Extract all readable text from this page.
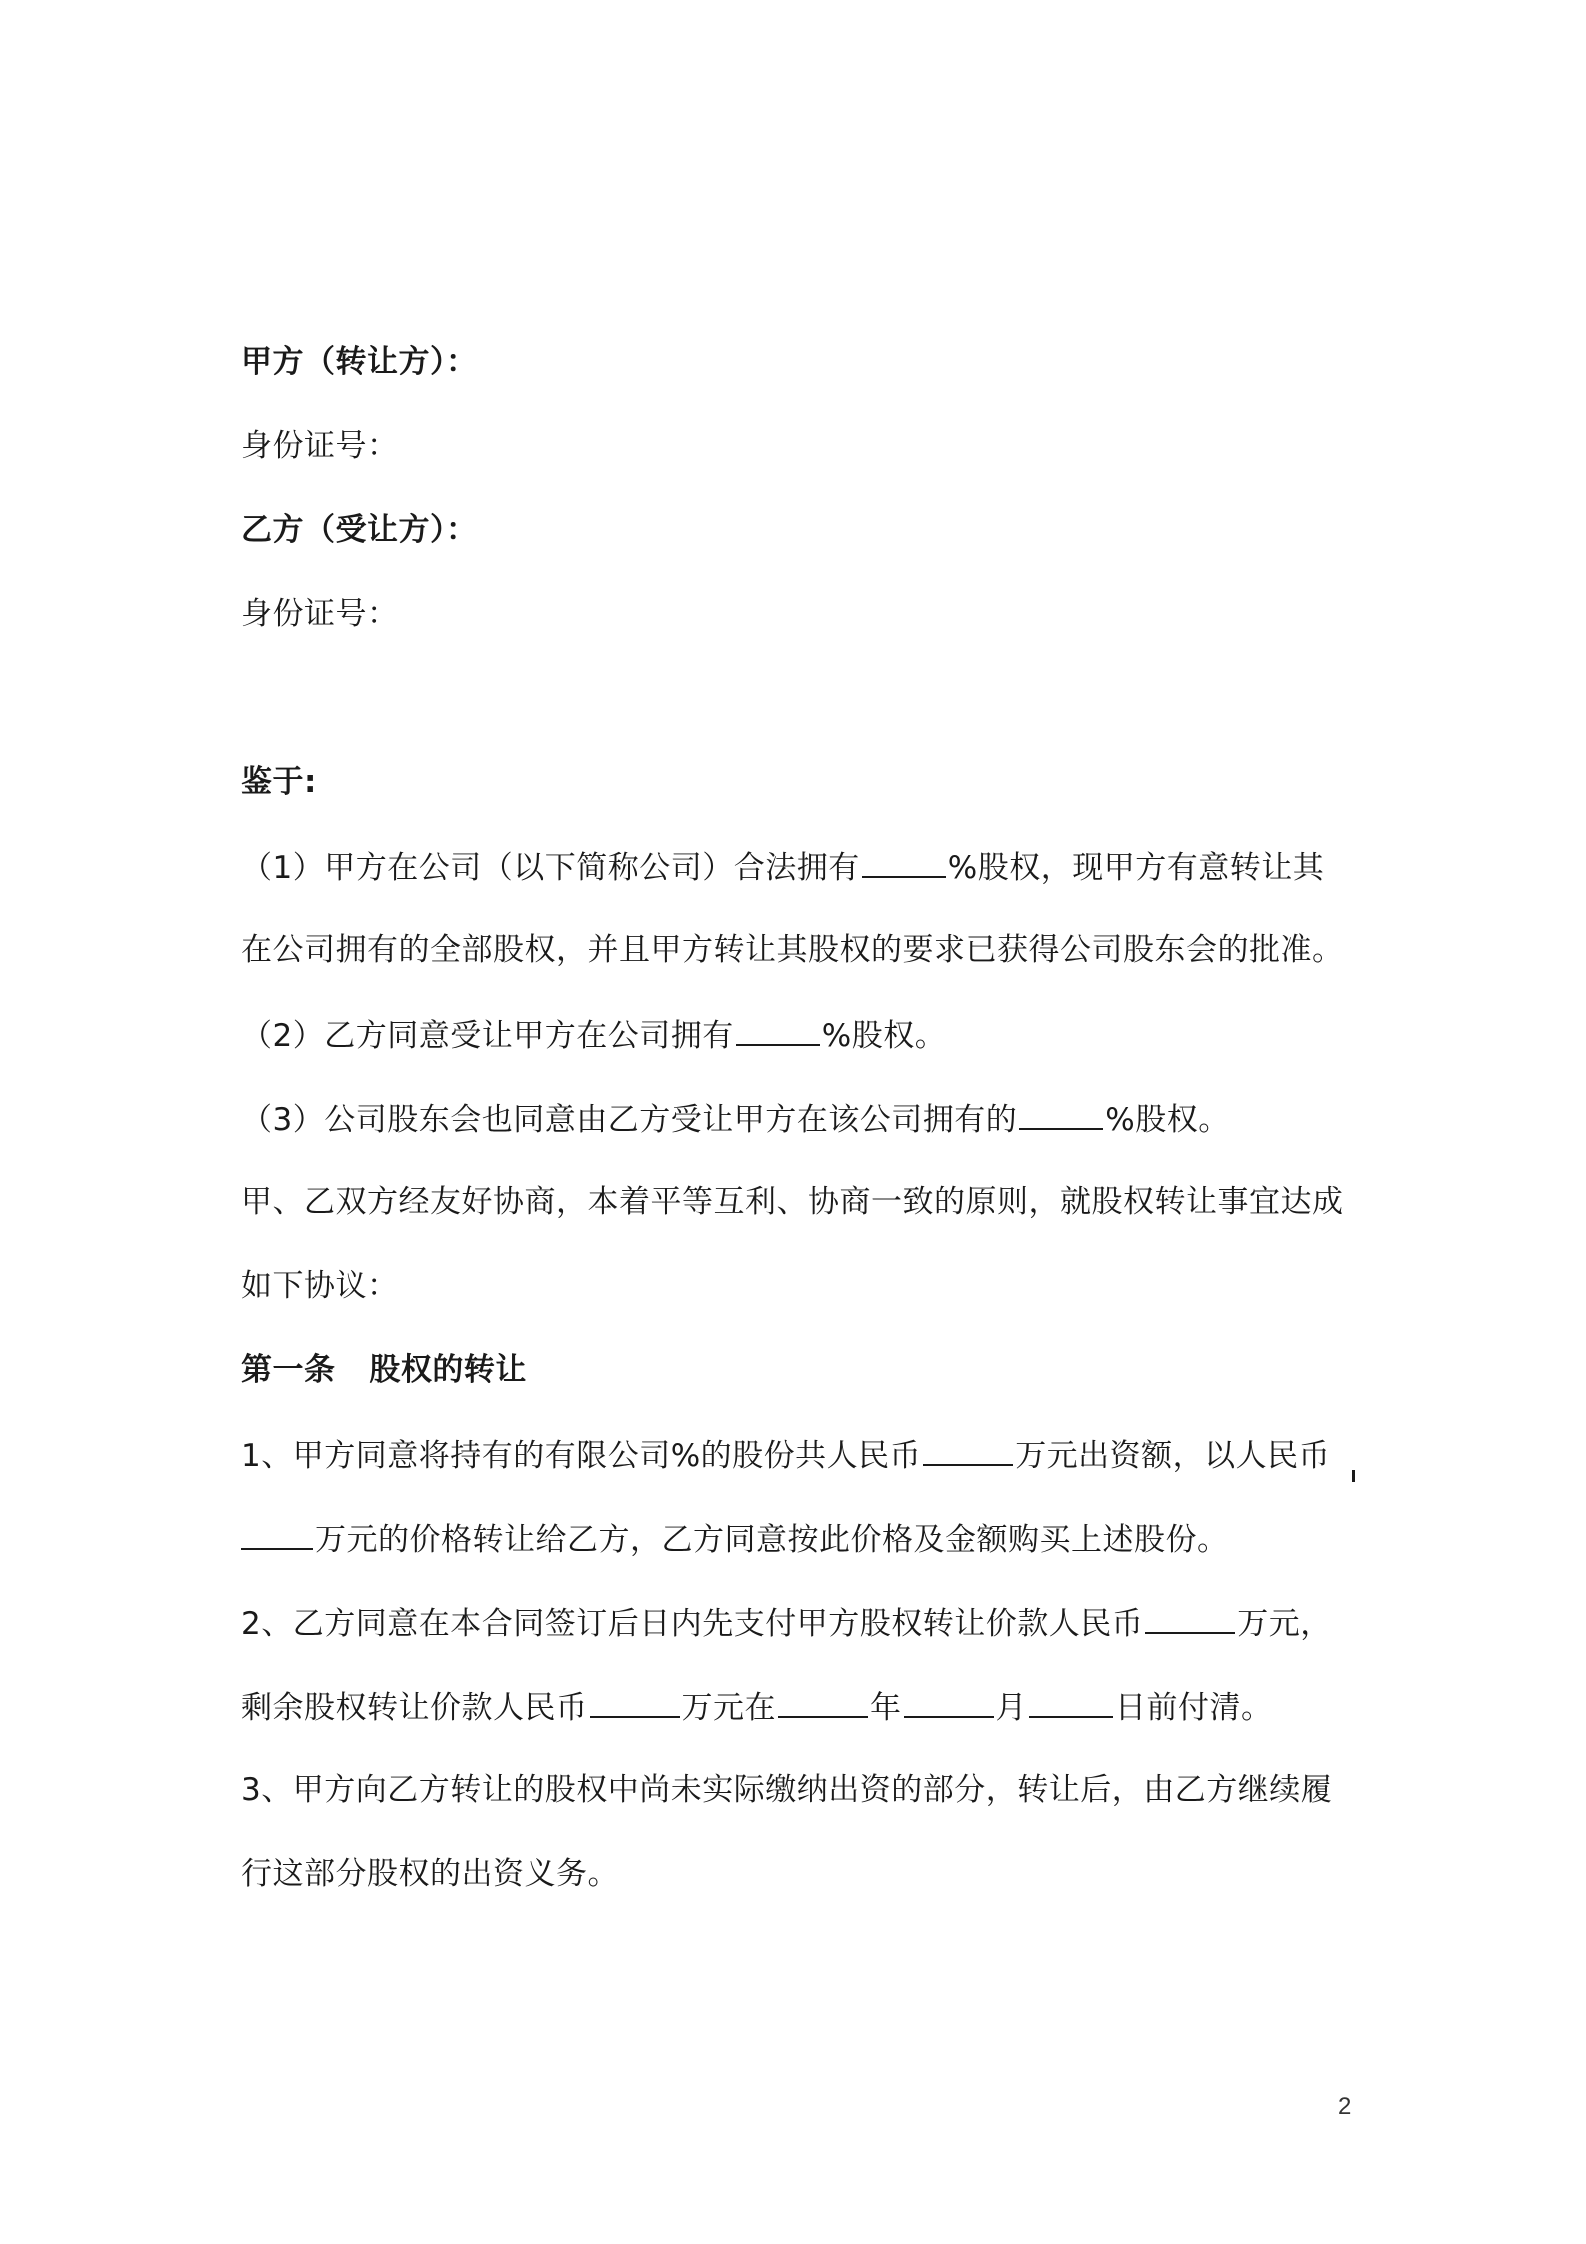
甲方（转让方）：
身份证号：
乙方（受让方）：
身份证号：
鉴于:
（1）甲方在公司（以下简称公司）合法拥有	%股权，现甲方有意转让其
在公司拥有的全部股权，并且甲方转让其股权的要求已获得公司股东会的批准。
（2）乙方同意受让甲方在公司拥有	%股权。
（3）公司股东会也同意由乙方受让甲方在该公司拥有的	%股权。
甲、乙双方经友好协商，本着平等互利、协商一致的原则，就股权转让事宜达成
如下协议：
第一条   股权的转让
1、甲方同意将持有的有限公司%的股份共人民币	万元出资额，以人民币
万元的价格转让给乙方，乙方同意按此价格及金额购买上述股份。
2、乙方同意在本合同签订后日内先支付甲方股权转让价款人民币	万元，
剩余股权转让价款人民币	万元在	年	月	日前付清。
3、甲方向乙方转让的股权中尚未实际缴纳出资的部分，转让后，由乙方继续履
行这部分股权的出资义务。
2
